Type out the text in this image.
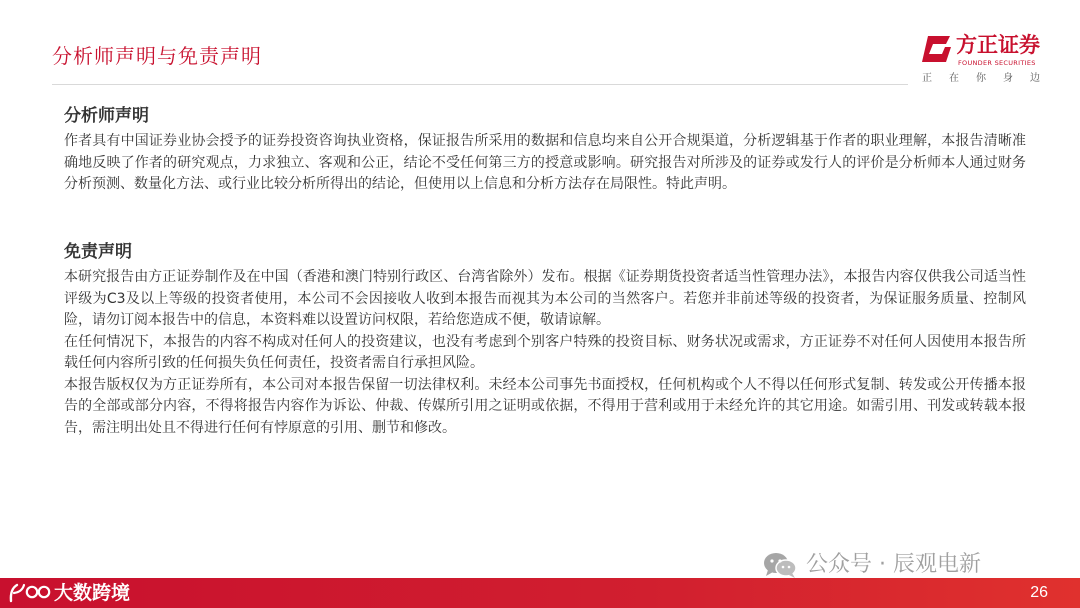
分析师声明与免责声明	方正证券
FOUNDER SECURITIES
正在你身边
分析师声明

作者具有中国证券业协会授予的证券投资咨询执业资格，保证报告所采用的数据和信息均来自公开合规渠道，分析逻辑基于作者的职业理解，本报告清晰准确地反映了作者的研究观点，力求独立、客观和公正，结论不受任何第三方的授意或影响。研究报告对所涉及的证券或发行人的评价是分析师本人通过财务分析预测、数量化方法、或行业比较分析所得出的结论，但使用以上信息和分析方法存在局限性。特此声明。

免责声明

本研究报告由方正证券制作及在中国（香港和澳门特别行政区、台湾省除外）发布。根据《证券期货投资者适当性管理办法》，本报告内容仅供我公司适当性评级为C3及以上等级的投资者使用，本公司不会因接收人收到本报告而视其为本公司的当然客户。若您并非前述等级的投资者，为保证服务质量、控制风险，请勿订阅本报告中的信息，本资料难以设置访问权限，若给您造成不便，敬请谅解。

在任何情况下，本报告的内容不构成对任何人的投资建议，也没有考虑到个别客户特殊的投资目标、财务状况或需求，方正证券不对任何人因使用本报告所载任何内容所引致的任何损失负任何责任，投资者需自行承担风险。

本报告版权仅为方正证券所有，本公司对本报告保留一切法律权利。未经本公司事先书面授权，任何机构或个人不得以任何形式复制、转发或公开传播本报告的全部或部分内容，不得将报告内容作为诉讼、仲裁、传媒所引用之证明或依据，不得用于营利或用于未经允许的其它用途。如需引用、刊发或转载本报告，需注明出处且不得进行任何有悖原意的引用、删节和修改。

公众号 · 辰观电新
大数跨境	26
